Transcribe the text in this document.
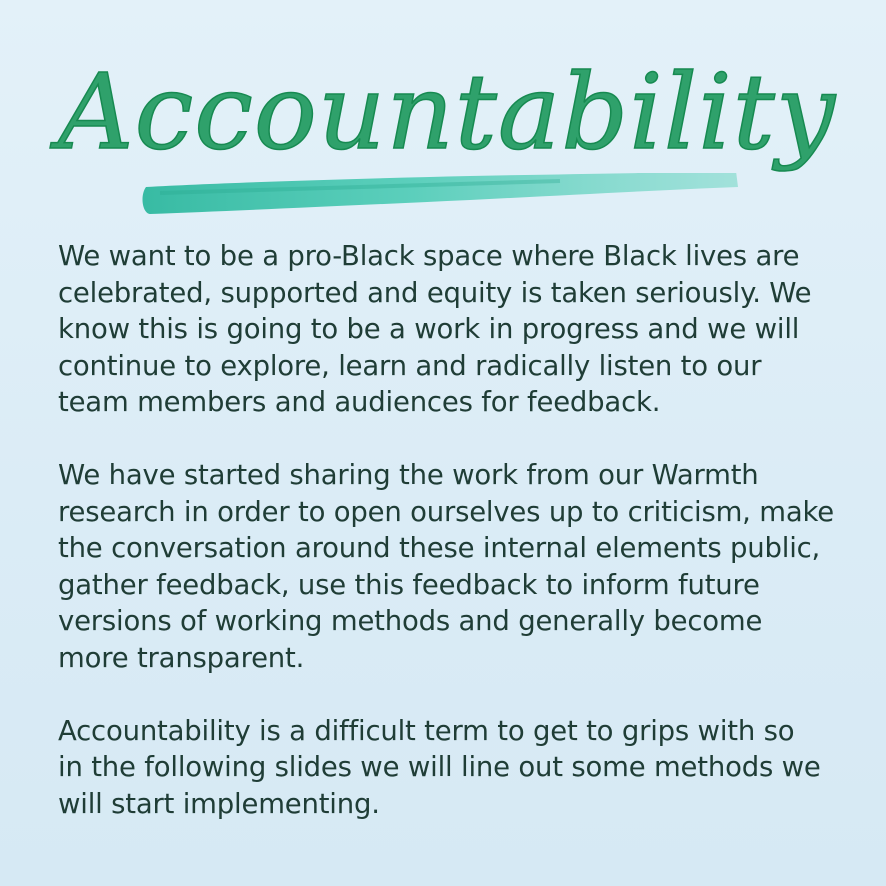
Accountability

We want to be a pro-Black space where Black lives are
celebrated, supported and equity is taken seriously. We
know this is going to be a work in progress and we will
continue to explore, learn and radically listen to our
team members and audiences for feedback.

We have started sharing the work from our Warmth
research in order to open ourselves up to criticism, make
the conversation around these internal elements public,
gather feedback, use this feedback to inform future
versions of working methods and generally become
more transparent.

Accountability is a difficult term to get to grips with so
in the following slides we will line out some methods we
will start implementing.
